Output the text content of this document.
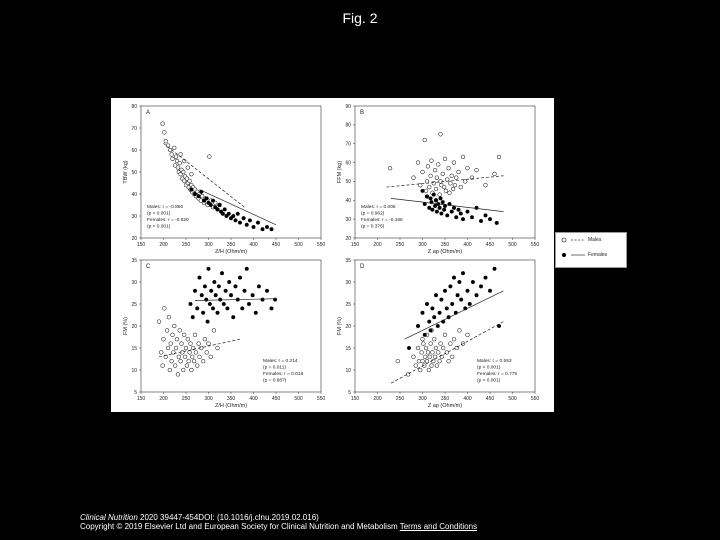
Fig. 2
A
150	200	250	300	350	400	450	500	550
20
30
40
50
60
70
80
Z/H (Ohm/m)
TBW (kg)
Males: r = -0.860
(p < 0.001)
Females: r = -0.820
(p < 0.001)
B
150	200	250	300	350	400	450	500	550
20
30
40
50
60
70
80
90
Z ap (Ohm/m)
FFM (kg)
Males: r = 0.006
(p = 0.962)
Females: r = -0.166
(p = 0.376)
C
150	200	250	300	350	400	450	500	550
5
10
15
20
25
30
35
Z/H (Ohm/m)
FM (%)
Males: r = 0.214
(p = 0.011)
Females: r = 0.018
(p = 0.887)
D
150	200	250	300	350	400	450	500	550
5
10
15
20
25
30
35
Z ap (Ohm/m)
FM (%)
Males: r = 0.553
(p < 0.001)
Females: r = 0.775
(p < 0.001)
Males
Females
Clinical Nutrition 2020 39447-454DOI: (10.1016/j.clnu.2019.02.016)
Copyright © 2019 Elsevier Ltd and European Society for Clinical Nutrition and Metabolism Terms and Conditions
